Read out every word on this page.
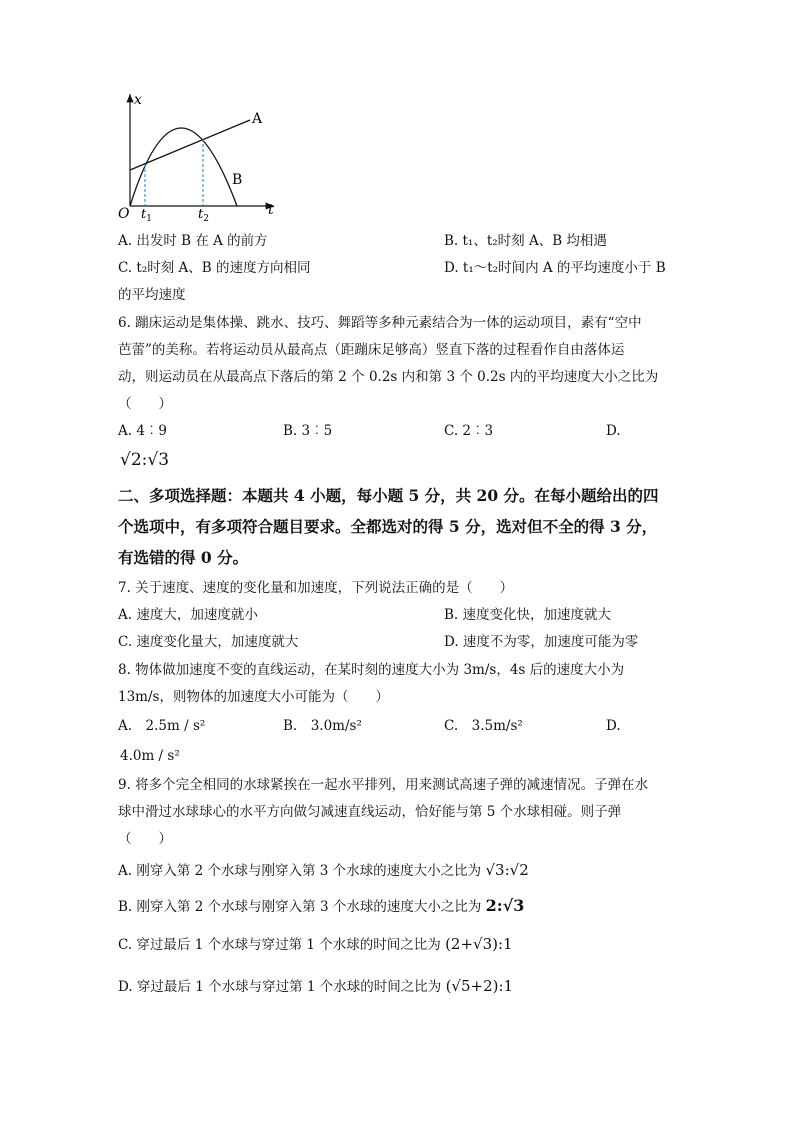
x
t
O $t_1$	$t_2$
A
B
A. 出发时 B 在 A 的前方	B. t₁、t₂时刻 A、B 均相遇
C. t₂时刻 A、B 的速度方向相同	D. t₁～t₂时间内 A 的平均速度小于 B
的平均速度
6. 蹦床运动是集体操、跳水、技巧、舞蹈等多种元素结合为一体的运动项目，素有“空中
芭蕾”的美称。若将运动员从最高点（距蹦床足够高）竖直下落的过程看作自由落体运
动，则运动员在从最高点下落后的第 2 个 0.2s 内和第 3 个 0.2s 内的平均速度大小之比为
（　　）
A. 4︰9	B. 3︰5	C. 2︰3	D.
√2:√3
二、多项选择题：本题共 4 小题，每小题 5 分，共 20 分。在每小题给出的四
个选项中，有多项符合题目要求。全都选对的得 5 分，选对但不全的得 3 分，
有选错的得 0 分。
7. 关于速度、速度的变化量和加速度，下列说法正确的是（　　）
A. 速度大，加速度就小	B. 速度变化快，加速度就大
C. 速度变化量大，加速度就大	D. 速度不为零，加速度可能为零
8. 物体做加速度不变的直线运动，在某时刻的速度大小为 3m/s，4s 后的速度大小为
13m/s，则物体的加速度大小可能为（　　）
A.　2.5m / s²	B.　3.0m/s²	C.　3.5m/s²	D.
4.0m / s²
9. 将多个完全相同的水球紧挨在一起水平排列，用来测试高速子弹的减速情况。子弹在水
球中滑过水球球心的水平方向做匀减速直线运动，恰好能与第 5 个水球相碰。则子弹
（　　）
A. 刚穿入第 2 个水球与刚穿入第 3 个水球的速度大小之比为 √3:√2
B. 刚穿入第 2 个水球与刚穿入第 3 个水球的速度大小之比为 2:√3
C. 穿过最后 1 个水球与穿过第 1 个水球的时间之比为 (2+√3):1
D. 穿过最后 1 个水球与穿过第 1 个水球的时间之比为 (√5+2):1
